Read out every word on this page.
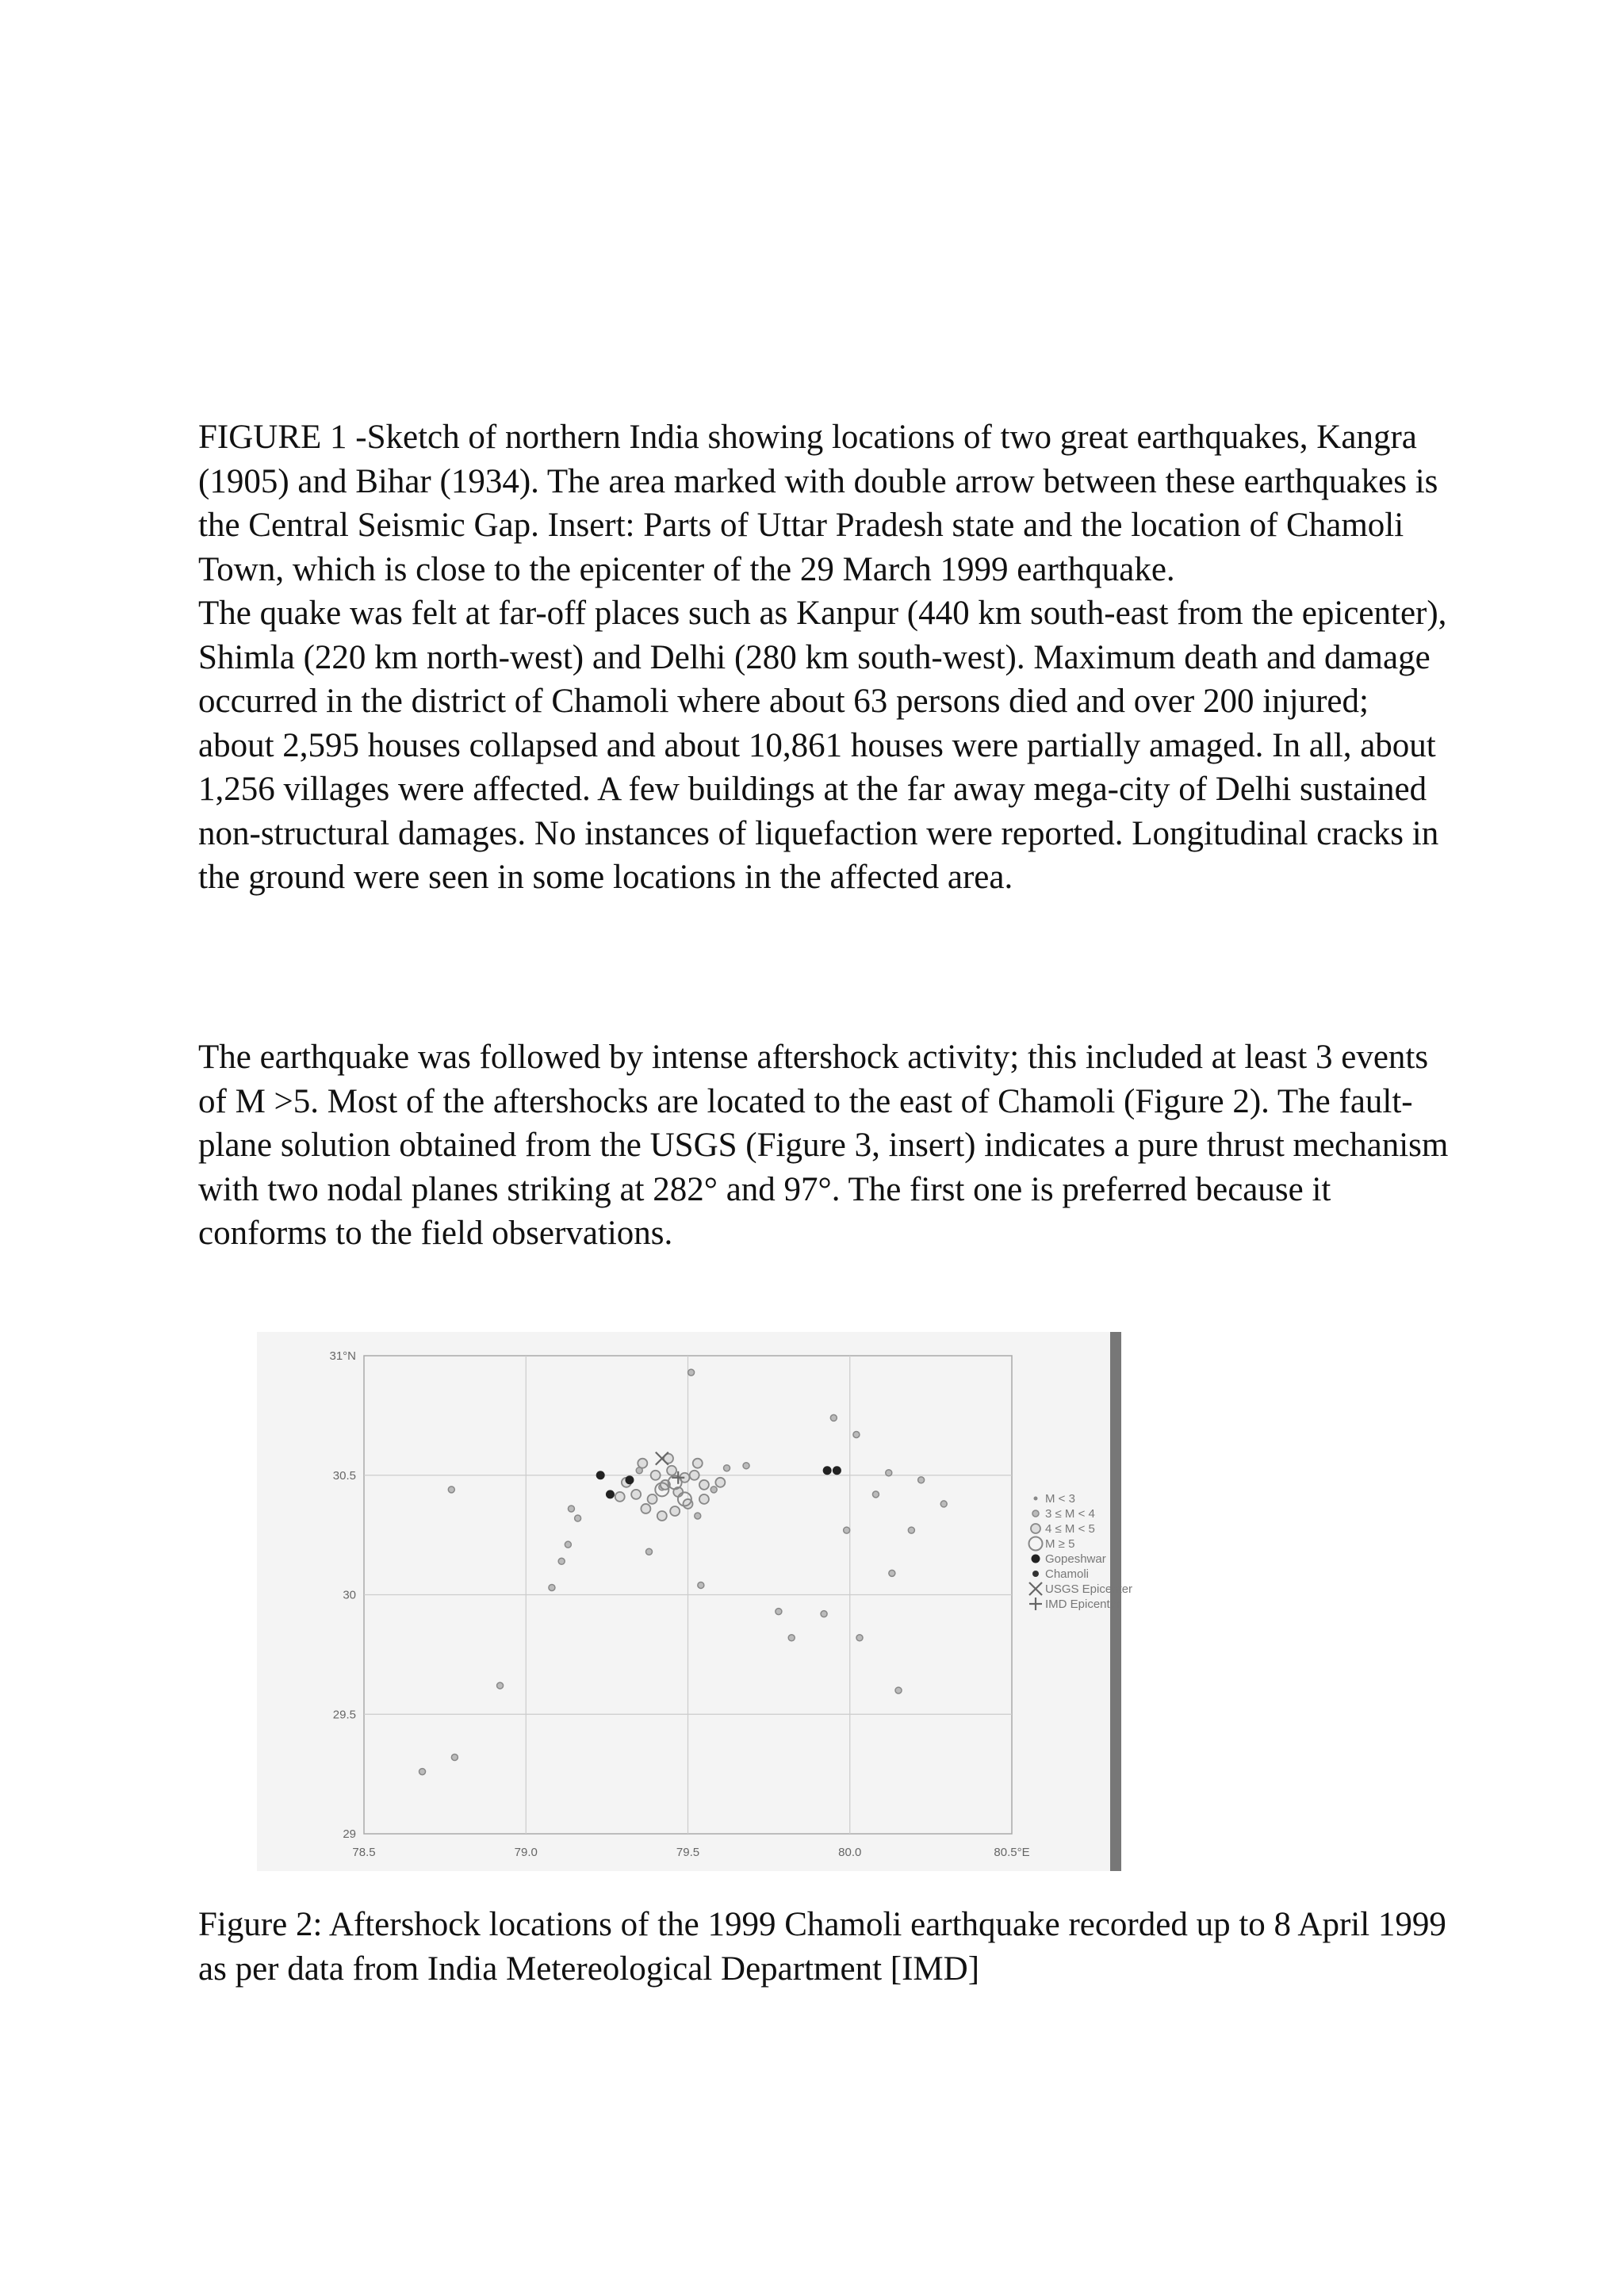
FIGURE 1 -Sketch of northern India showing locations of two great earthquakes, Kangra (1905) and Bihar (1934). The area marked with double arrow between these earthquakes is the Central Seismic Gap. Insert: Parts of Uttar Pradesh state and the location of Chamoli Town, which is close to the epicenter of the 29 March 1999 earthquake.

The quake was felt at far-off places such as Kanpur (440 km south-east from the epicenter), Shimla (220 km north-west) and Delhi (280 km south-west). Maximum death and damage occurred in the district of Chamoli where about 63 persons died and over 200 injured; about 2,595 houses collapsed and about 10,861 houses were partially amaged. In all, about 1,256 villages were affected. A few buildings at the far away mega-city of Delhi sustained non-structural damages. No instances of liquefaction were reported. Longitudinal cracks in the ground were seen in some locations in the affected area.

The earthquake was followed by intense aftershock activity; this included at least 3 events of M >5. Most of the aftershocks are located to the east of Chamoli (Figure 2). The fault-plane solution obtained from the USGS (Figure 3, insert) indicates a pure thrust mechanism with two nodal planes striking at 282° and 97°. The first one is preferred because it conforms to the field observations.

78.5	79.0	79.5	80.0	80.5°E
31°N
30.5
30
29.5
29
M < 3
3 ≤ M < 4
4 ≤ M < 5
M ≥ 5
Gopeshwar
Chamoli
USGS Epicenter
IMD Epicenter

Figure 2: Aftershock locations of the 1999 Chamoli earthquake recorded up to 8 April 1999 as per data from India Metereological Department [IMD]
